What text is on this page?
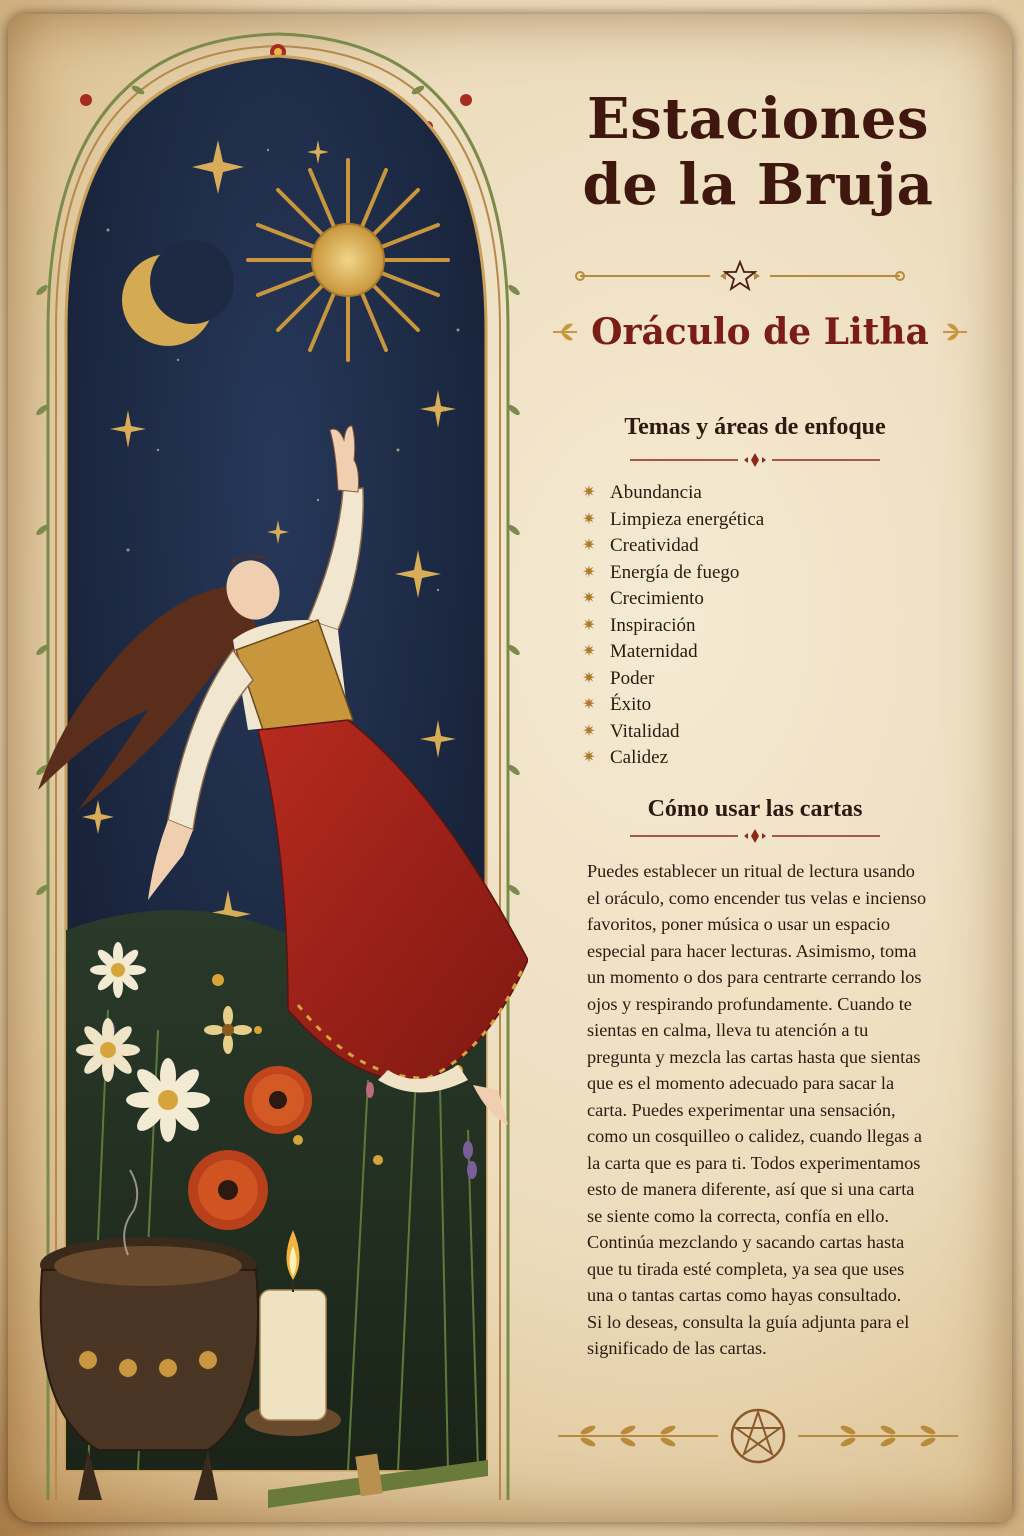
Estaciones
de la Bruja
Oráculo de Litha
Temas y áreas de enfoque
✷ Abundancia
✷ Limpieza energética
✷ Creatividad
✷ Energía de fuego
✷ Crecimiento
✷ Inspiración
✷ Maternidad
✷ Poder
✷ Éxito
✷ Vitalidad
✷ Calidez
Cómo usar las cartas

Puedes establecer un ritual de lectura usando el oráculo, como encender tus velas e incienso favoritos, poner música o usar un espacio especial para hacer lecturas. Asimismo, toma un momento o dos para centrarte cerrando los ojos y respirando profundamente. Cuando te sientas en calma, lleva tu atención a tu pregunta y mezcla las cartas hasta que sientas que es el momento adecuado para sacar la carta. Puedes experimentar una sensación, como un cosquilleo o calidez, cuando llegas a la carta que es para ti. Todos experimentamos esto de manera diferente, así que si una carta se siente como la correcta, confía en ello. Continúa mezclando y sacando cartas hasta que tu tirada esté completa, ya sea que uses una o tantas cartas como hayas consultado.

Si lo deseas, consulta la guía adjunta para el significado de las cartas.
